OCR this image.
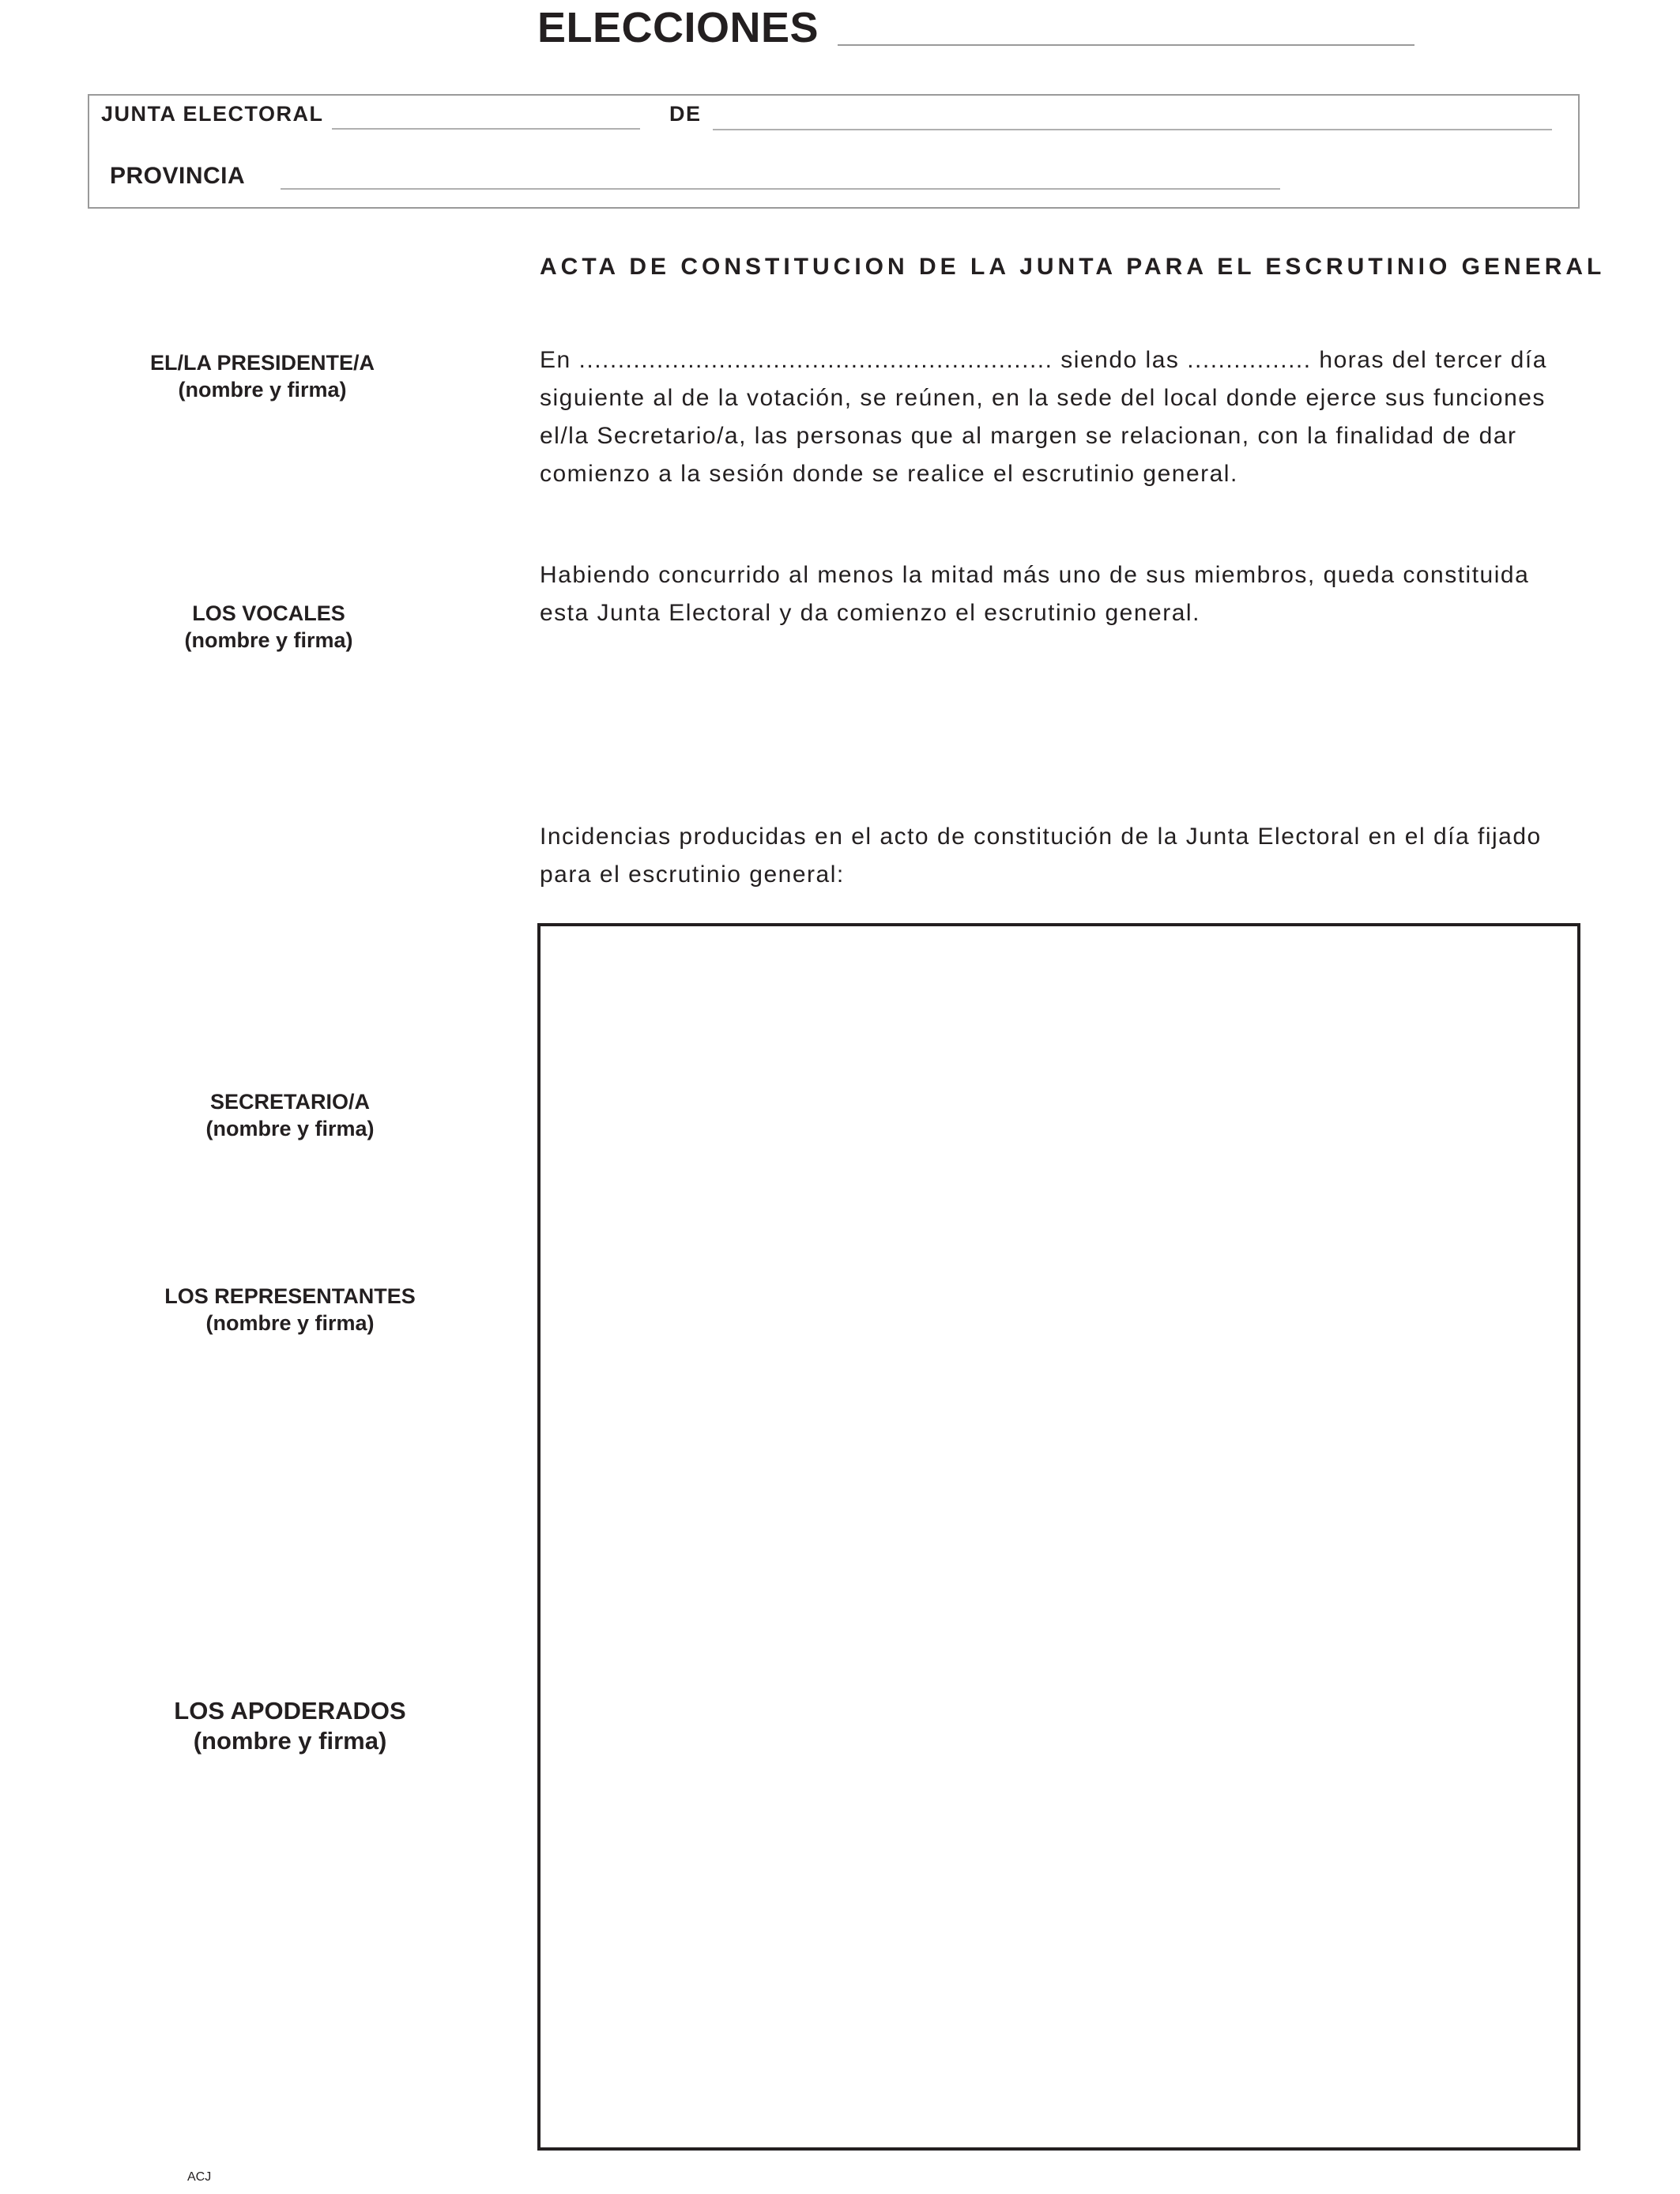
ELECCIONES
JUNTA ELECTORAL	DE
PROVINCIA
ACTA DE CONSTITUCION DE LA JUNTA PARA EL ESCRUTINIO GENERAL
EL/LA PRESIDENTE/A
(nombre y firma)
LOS VOCALES
(nombre y firma)
SECRETARIO/A
(nombre y firma)
LOS REPRESENTANTES
(nombre y firma)
LOS APODERADOS
(nombre y firma)
En ............................................................. siendo las ................ horas del tercer día
siguiente al de la votación, se reúnen, en la sede del local donde ejerce sus funciones
el/la Secretario/a, las personas que al margen se relacionan, con la finalidad de dar
comienzo a la sesión donde se realice el escrutinio general.
Habiendo concurrido al menos la mitad más uno de sus miembros, queda constituida
esta Junta Electoral y da comienzo el escrutinio general.
Incidencias producidas en el acto de constitución de la Junta Electoral en el día fijado
para el escrutinio general:
ACJ
